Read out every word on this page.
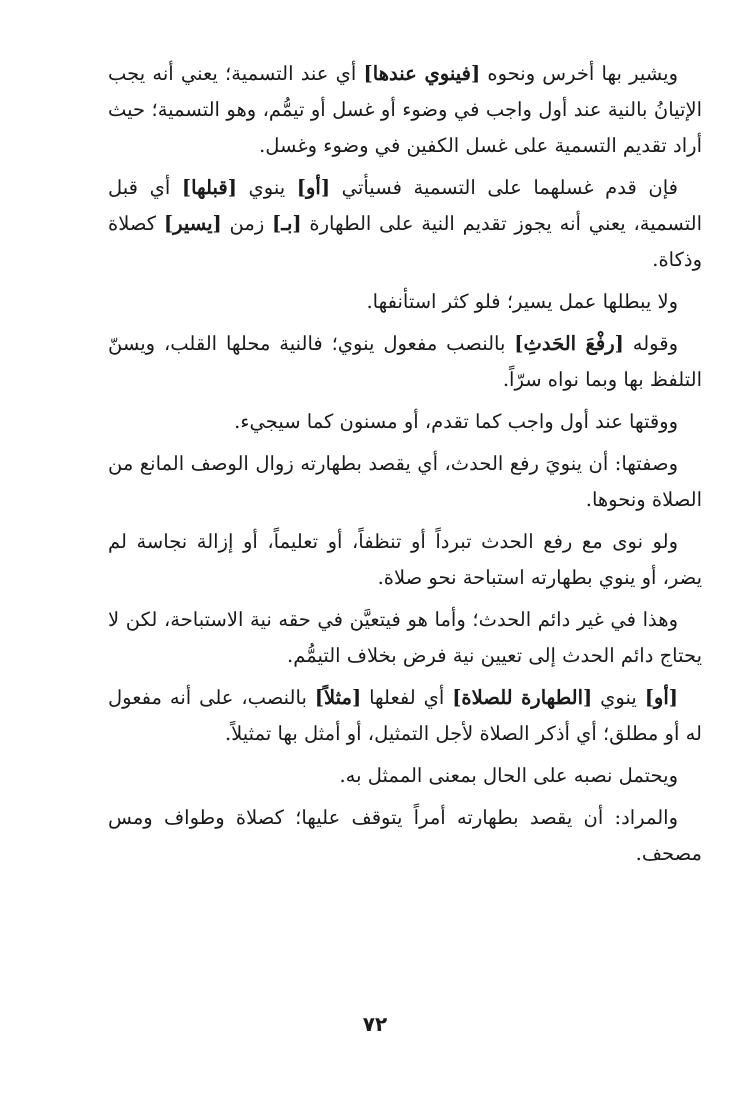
ويشير بها أخرس ونحوه [فينوي عندها] أي عند التسمية؛ يعني أنه يجب الإتيانُ بالنية عند أول واجب في وضوء أو غسل أو تيمُّم، وهو التسمية؛ حيث أراد تقديم التسمية على غسل الكفين في وضوء وغسل.

فإن قدم غسلهما على التسمية فسيأتي [أو] ينوي [قبلها] أي قبل التسمية، يعني أنه يجوز تقديم النية على الطهارة [بـ] زمن [يسير] كصلاة وذكاة.

ولا يبطلها عمل يسير؛ فلو كثر استأنفها.

وقوله [رفْعَ الحَدثِ] بالنصب مفعول ينوي؛ فالنية محلها القلب، ويسنّ التلفظ بها وبما نواه سرّاً.

ووقتها عند أول واجب كما تقدم، أو مسنون كما سيجيء.

وصفتها: أن ينويَ رفع الحدث، أي يقصد بطهارته زوال الوصف المانع من الصلاة ونحوها.

ولو نوى مع رفع الحدث تبرداً أو تنظفاً، أو تعليماً، أو إزالة نجاسة لم يضر، أو ينوي بطهارته استباحة نحو صلاة.

وهذا في غير دائم الحدث؛ وأما هو فيتعيَّن في حقه نية الاستباحة، لكن لا يحتاج دائم الحدث إلى تعيين نية فرض بخلاف التيمُّم.

[أو] ينوي [الطهارة للصلاة] أي لفعلها [مثلاً] بالنصب، على أنه مفعول له أو مطلق؛ أي أذكر الصلاة لأجل التمثيل، أو أمثل بها تمثيلاً.

ويحتمل نصبه على الحال بمعنى الممثل به.

والمراد: أن يقصد بطهارته أمراً يتوقف عليها؛ كصلاة وطواف ومس مصحف.

٧٢
